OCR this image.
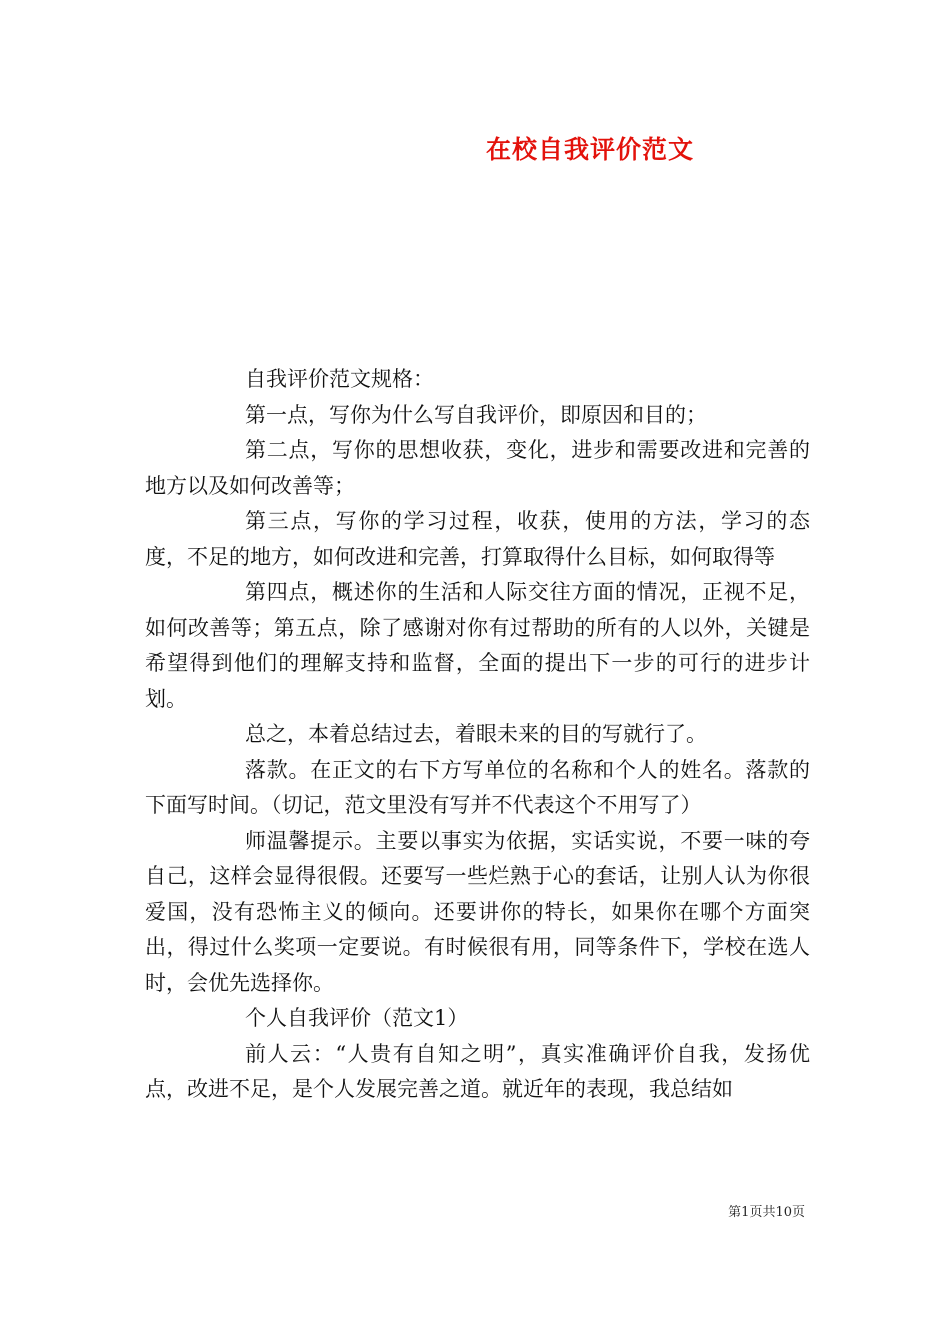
在校自我评价范文

自我评价范文规格：

第一点，写你为什么写自我评价，即原因和目的；

第二点，写你的思想收获，变化，进步和需要改进和完善的地方以及如何改善等；

第三点，写你的学习过程，收获，使用的方法，学习的态度，不足的地方，如何改进和完善，打算取得什么目标，如何取得等

第四点，概述你的生活和人际交往方面的情况，正视不足，如何改善等；第五点，除了感谢对你有过帮助的所有的人以外，关键是希望得到他们的理解支持和监督，全面的提出下一步的可行的进步计划。

总之，本着总结过去，着眼未来的目的写就行了。

落款。在正文的右下方写单位的名称和个人的姓名。落款的下面写时间。（切记，范文里没有写并不代表这个不用写了）

师温馨提示。主要以事实为依据，实话实说，不要一味的夸自己，这样会显得很假。还要写一些烂熟于心的套话，让别人认为你很爱国，没有恐怖主义的倾向。还要讲你的特长，如果你在哪个方面突出，得过什么奖项一定要说。有时候很有用，同等条件下，学校在选人时，会优先选择你。

个人自我评价（范文1）

前人云：“人贵有自知之明”，真实准确评价自我，发扬优点，改进不足，是个人发展完善之道。就近年的表现，我总结如

第1页共10页
